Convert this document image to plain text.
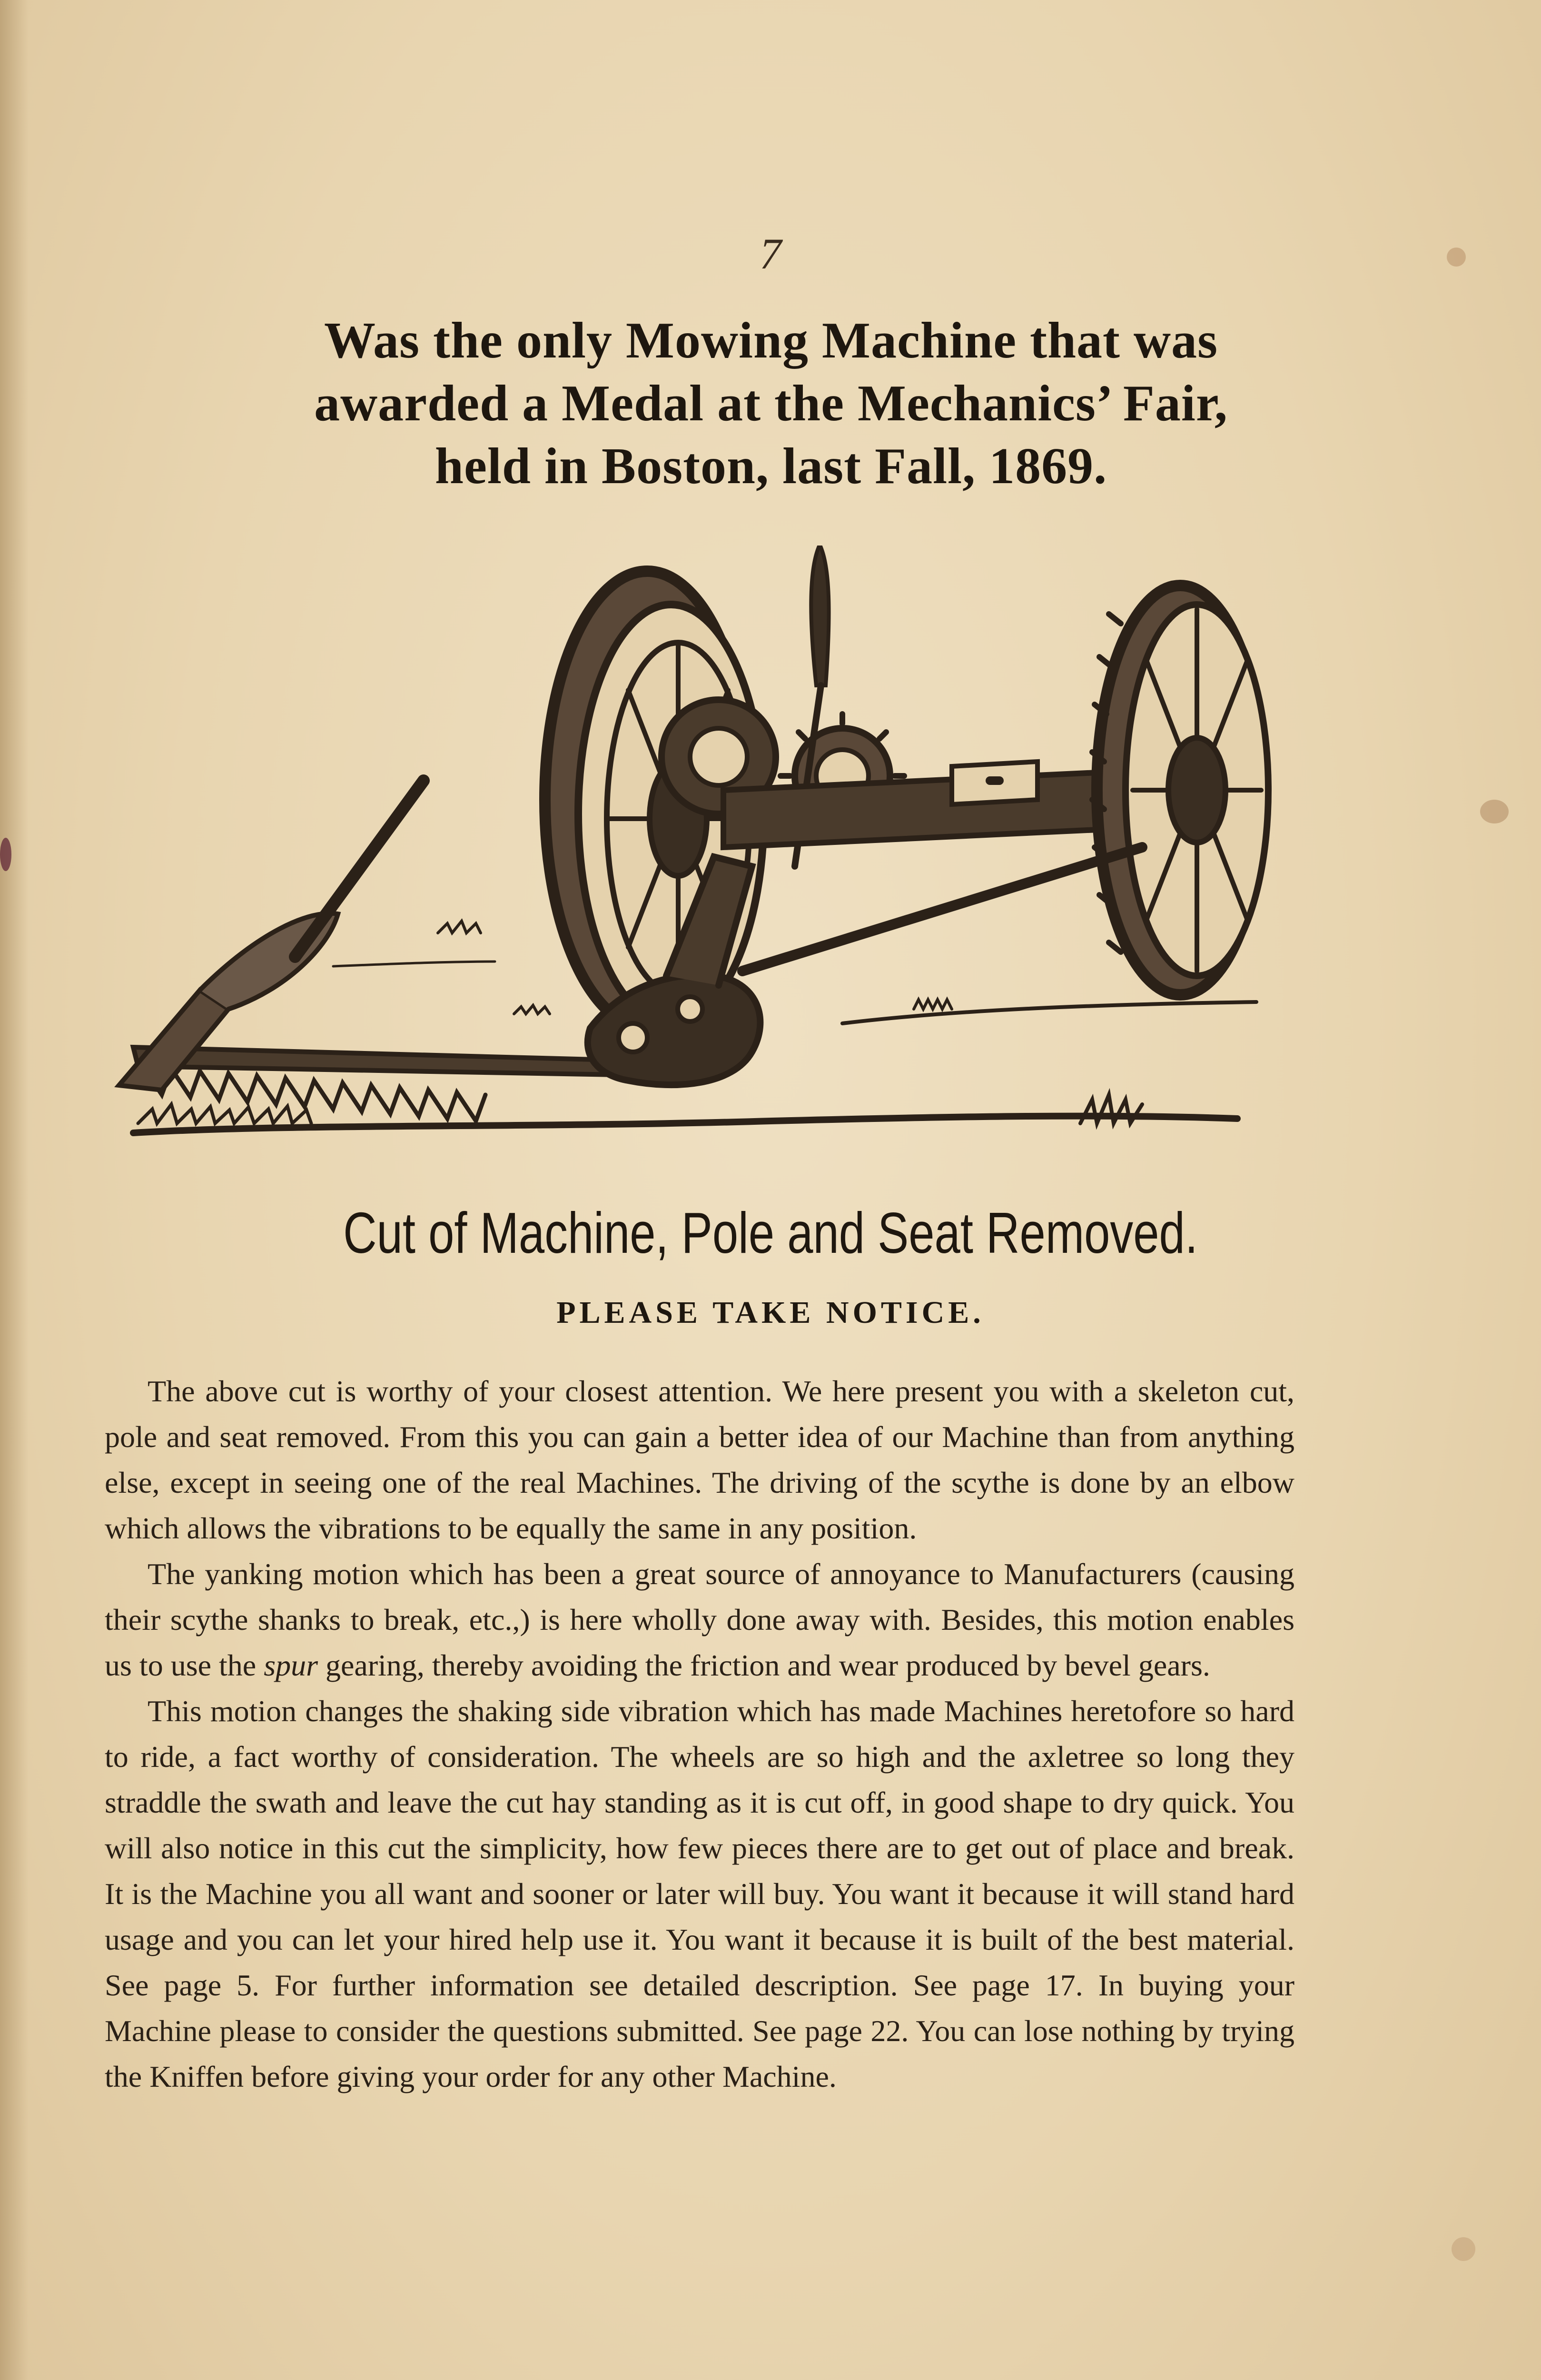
7
Was the only Mowing Machine that was
awarded a Medal at the Mechanics’ Fair,
held in Boston, last Fall, 1869.
Cut of Machine, Pole and Seat Removed.
PLEASE TAKE NOTICE.

The above cut is worthy of your closest attention. We here present you with a skeleton cut, pole and seat removed. From this you can gain a better idea of our Machine than from anything else, except in seeing one of the real Machines. The driving of the scythe is done by an elbow which allows the vibrations to be equally the same in any position.

The yanking motion which has been a great source of annoyance to Manufacturers (causing their scythe shanks to break, etc.,) is here wholly done away with. Besides, this motion enables us to use the spur gearing, thereby avoiding the friction and wear produced by bevel gears.

This motion changes the shaking side vibration which has made Machines heretofore so hard to ride, a fact worthy of consideration. The wheels are so high and the axletree so long they straddle the swath and leave the cut hay standing as it is cut off, in good shape to dry quick. You will also notice in this cut the simplicity, how few pieces there are to get out of place and break. It is the Machine you all want and sooner or later will buy. You want it because it will stand hard usage and you can let your hired help use it. You want it because it is built of the best material. See page 5. For further information see detailed description. See page 17. In buying your Machine please to consider the questions submitted. See page 22. You can lose nothing by trying the Kniffen before giving your order for any other Machine.
